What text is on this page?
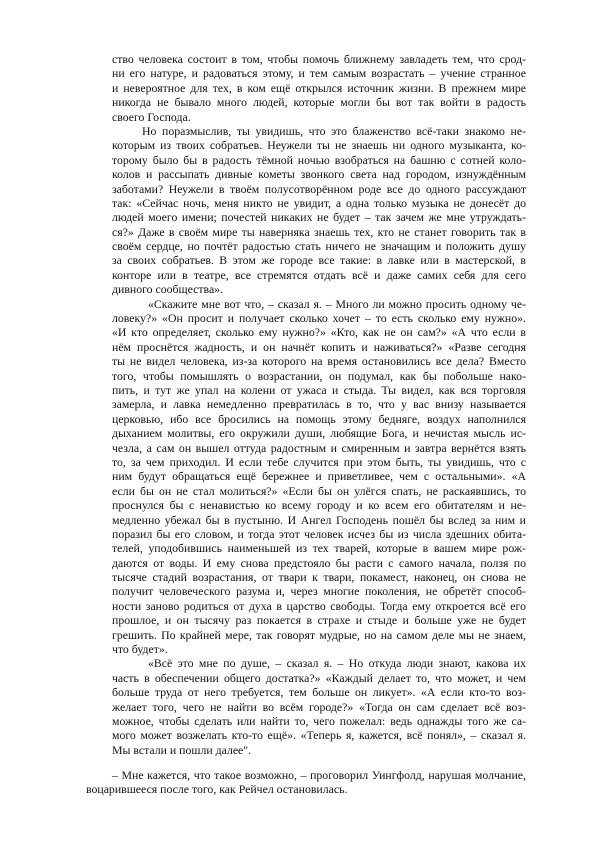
ство человека состоит в том, чтобы помочь ближнему завладеть тем, что срод-
ни его натуре, и радоваться этому, и тем самым возрастать – учение странное
и невероятное для тех, в ком ещё открылся источник жизни. В прежнем мире
никогда не бывало много людей, которые могли бы вот так войти в радость
своего Господа.
Но поразмыслив, ты увидишь, что это блаженство всё-таки знакомо не-
которым из твоих собратьев. Неужели ты не знаешь ни одного музыканта, ко-
торому было бы в радость тёмной ночью взобраться на башню с сотней коло-
колов и рассыпать дивные кометы звонкого света над городом, изнуждённым
заботами? Неужели в твоём полусотворённом роде все до одного рассуждают
так: «Сейчас ночь, меня никто не увидит, а одна только музыка не донесёт до
людей моего имени; почестей никаких не будет – так зачем же мне утруждать-
ся?» Даже в своём мире ты наверняка знаешь тех, кто не станет говорить так в
своём сердце, но почтёт радостью стать ничего не значащим и положить душу
за своих собратьев. В этом же городе все такие: в лавке или в мастерской, в
конторе или в театре, все стремятся отдать всё и даже самих себя для сего
дивного сообщества».
«Скажите мне вот что, – сказал я. – Много ли можно просить одному че-
ловеку?» «Он просит и получает сколько хочет – то есть сколько ему нужно».
«И кто определяет, сколько ему нужно?» «Кто, как не он сам?» «А что если в
нём проснётся жадность, и он начнёт копить и наживаться?» «Разве сегодня
ты не видел человека, из-за которого на время остановились все дела? Вместо
того, чтобы помышлять о возрастании, он подумал, как бы побольше нако-
пить, и тут же упал на колени от ужаса и стыда. Ты видел, как вся торговля
замерла, и лавка немедленно превратилась в то, что у вас внизу называется
церковью, ибо все бросились на помощь этому бедняге, воздух наполнился
дыханием молитвы, его окружили души, любящие Бога, и нечистая мысль ис-
чезла, а сам он вышел оттуда радостным и смиренным и завтра вернётся взять
то, за чем приходил. И если тебе случится при этом быть, ты увидишь, что с
ним будут обращаться ещё бережнее и приветливее, чем с остальными». «А
если бы он не стал молиться?» «Если бы он улёгся спать, не раскаявшись, то
проснулся бы с ненавистью ко всему городу и ко всем его обитателям и не-
медленно убежал бы в пустыню. И Ангел Господень пошёл бы вслед за ним и
поразил бы его словом, и тогда этот человек исчез бы из числа здешних обита-
телей, уподобившись наименьшей из тех тварей, которые в вашем мире рож-
даются от воды. И ему снова предстояло бы расти с самого начала, ползя по
тысяче стадий возрастания, от твари к твари, покамест, наконец, он снова не
получит человеческого разума и, через многие поколения, не обретёт способ-
ности заново родиться от духа в царство свободы. Тогда ему откроется всё его
прошлое, и он тысячу раз покается в страхе и стыде и больше уже не будет
грешить. По крайней мере, так говорят мудрые, но на самом деле мы не знаем,
что будет».
«Всё это мне по душе, – сказал я. – Но откуда люди знают, какова их
часть в обеспечении общего достатка?» «Каждый делает то, что может, и чем
больше труда от него требуется, тем больше он ликует». «А если кто-то воз-
желает того, чего не найти во всём городе?» «Тогда он сам сделает всё воз-
можное, чтобы сделать или найти то, чего пожелал: ведь однажды того же са-
мого может возжелать кто-то ещё». «Теперь я, кажется, всё понял», – сказал я.
Мы встали и пошли далее".
– Мне кажется, что такое возможно, – проговорил Уингфолд, нарушая молчание,
воцарившееся после того, как Рейчел остановилась.
